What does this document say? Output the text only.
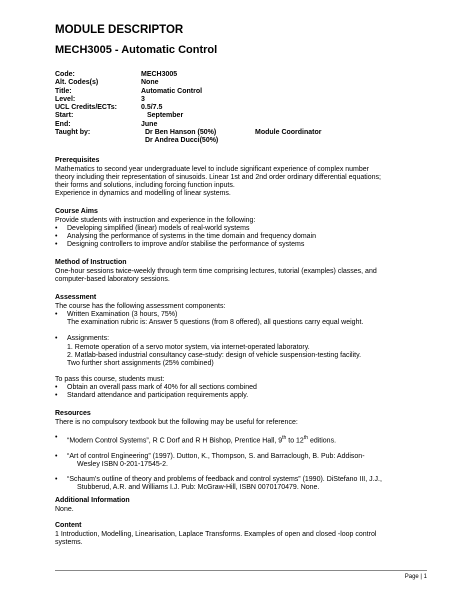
MODULE DESCRIPTOR
MECH3005 - Automatic Control
Code:	MECH3005
Alt. Codes(s)	None
Title:	Automatic Control
Level:	3
UCL Credits/ECTs:	0.5/7.5
Start:	September
End:	June
Taught by:	Dr Ben Hanson (50%)	Module Coordinator
Dr Andrea Ducci(50%)
Prerequisites

Mathematics to second year undergraduate level to include significant experience of complex number

theory including their representation of sinusoids. Linear 1st and 2nd order ordinary differential equations;

their forms and solutions, including forcing function inputs.

Experience in dynamics and modelling of linear systems.

Course Aims

Provide students with instruction and experience in the following:

• Developing simplified (linear) models of real-world systems

• Analysing the performance of systems in the time domain and frequency domain

• Designing controllers to improve and/or stabilise the performance of systems

Method of Instruction

One-hour sessions twice-weekly through term time comprising lectures, tutorial (examples) classes, and

computer-based laboratory sessions.

Assessment

The course has the following assessment components:

• Written Examination (3 hours, 75%)

The examination rubric is: Answer 5 questions (from 8 offered), all questions carry equal weight.

• Assignments:

1. Remote operation of a servo motor system, via internet-operated laboratory.

2. Matlab-based industrial consultancy case-study: design of vehicle suspension-testing facility.

Two further short assignments (25% combined)

To pass this course, students must:

• Obtain an overall pass mark of 40% for all sections combined

• Standard attendance and participation requirements apply.

Resources

There is no compulsory textbook but the following may be useful for reference:

• “Modern Control Systems”, R C Dorf and R H Bishop, Prentice Hall, 9th to 12th editions.

• “Art of control Engineering” (1997). Dutton, K., Thompson, S. and Barraclough, B. Pub: Addison-

Wesley ISBN 0-201-17545-2.

• “Schaum's outline of theory and problems of feedback and control systems” (1990). DiStefano III, J.J.,

Stubberud, A.R. and Williams I.J. Pub: McGraw-Hill, ISBN 0070170479. None.

Additional Information

None.

Content

1 Introduction, Modelling, Linearisation, Laplace Transforms. Examples of open and closed -loop control

systems.

Page | 1
